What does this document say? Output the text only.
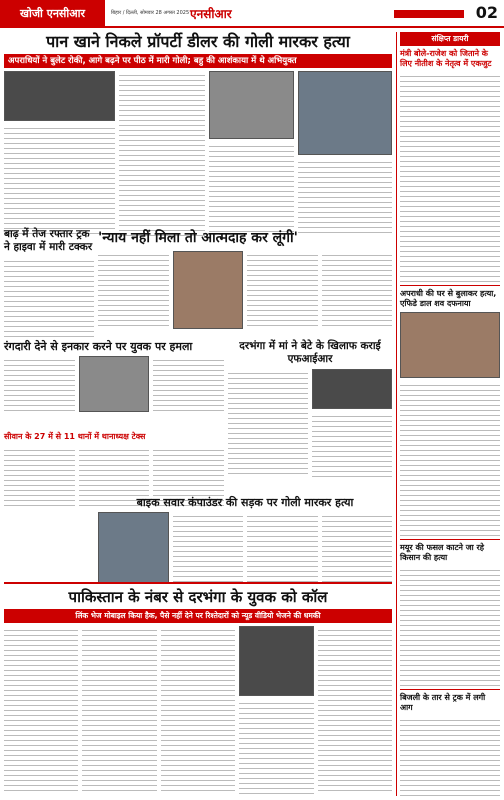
खोजी एनसीआर	बिहार / दिल्ली, सोमवार 28 अगस्त 2025 एनसीआर	02
पान खाने निकले प्रॉपर्टी डीलर की गोली मारकर हत्या
अपराधियों ने बुलेट रोकी, आगे बढ़ने पर पीठ में मारी गोली; बहु की आशंकाया में थे अभियुक्त
बाढ़ में तेज रफ्तार ट्रक ने हाइवा में मारी टक्कर
'न्याय नहीं मिला तो आत्मदाह कर लूंगी'
रंगदारी देने से इनकार करने पर युवक पर हमला	दरभंगा में मां ने बेटे के खिलाफ कराई एफआईआर
सीवान के 27 में से 11 थानों में थानाध्यक्ष टेक्स
बाइक सवार कंपाउंडर की सड़क पर गोली मारकर हत्या
पाकिस्तान के नंबर से दरभंगा के युवक को कॉल
लिंक भेज मोबाइल किया हैक, पैसे नहीं देने पर रिश्तेदारों को न्यूड वीडियो भेजने की धमकी
संक्षिप्त डायरी
मंत्री बोले-राजेश को जिताने के लिए नीतीश के नेतृत्व में एकजुट
अपराधी की घर से बुलाकर हत्या, एफिडे डाल शव दफनाया
मयूर की फसल काटने जा रहे किसान की हत्या
बिजली के तार से ट्रक में लगी आग
